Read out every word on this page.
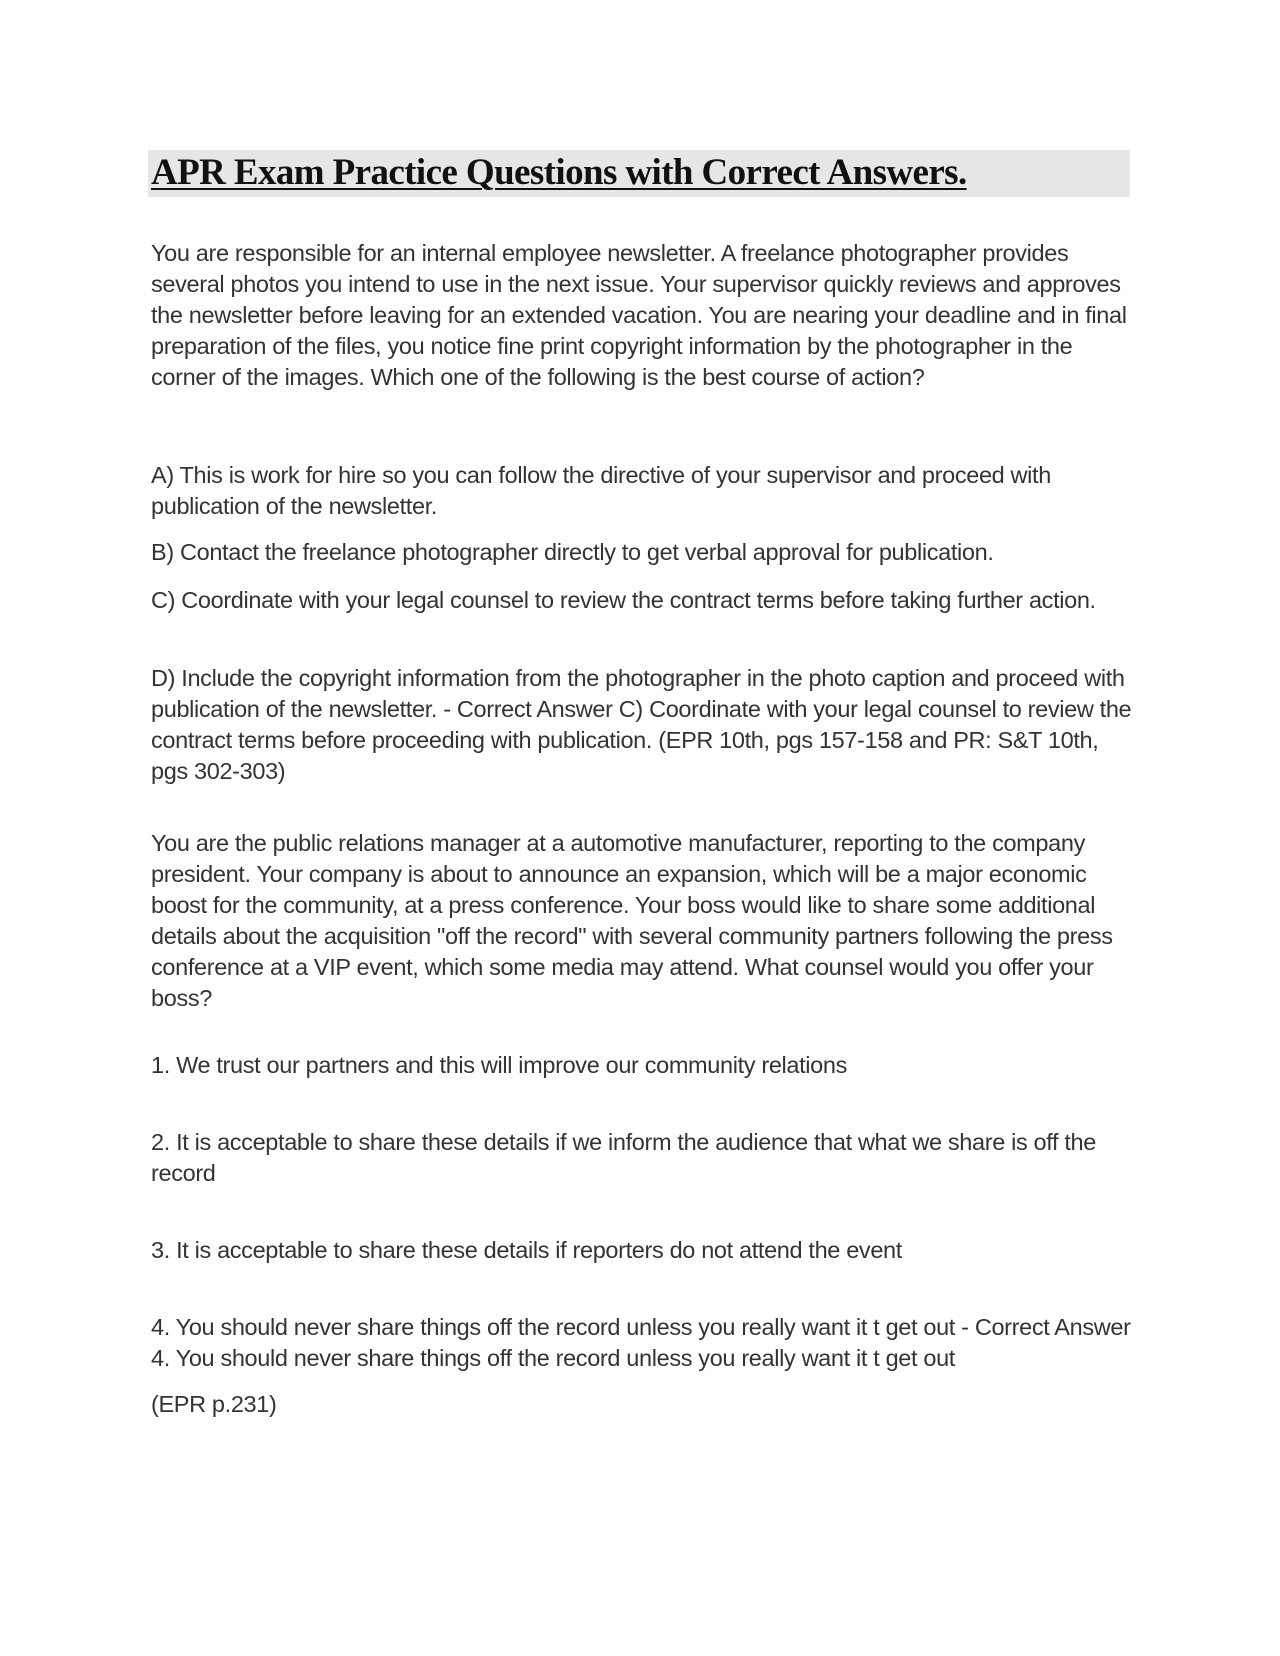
APR Exam Practice Questions with Correct Answers.

You are responsible for an internal employee newsletter. A freelance photographer provides several photos you intend to use in the next issue. Your supervisor quickly reviews and approves the newsletter before leaving for an extended vacation. You are nearing your deadline and in final preparation of the files, you notice fine print copyright information by the photographer in the corner of the images. Which one of the following is the best course of action?

A) This is work for hire so you can follow the directive of your supervisor and proceed with publication of the newsletter.

B) Contact the freelance photographer directly to get verbal approval for publication.

C) Coordinate with your legal counsel to review the contract terms before taking further action.

D) Include the copyright information from the photographer in the photo caption and proceed with publication of the newsletter. - Correct Answer C) Coordinate with your legal counsel to review the contract terms before proceeding with publication. (EPR 10th, pgs 157-158 and PR: S&T 10th, pgs 302-303)

You are the public relations manager at a automotive manufacturer, reporting to the company president. Your company is about to announce an expansion, which will be a major economic boost for the community, at a press conference. Your boss would like to share some additional details about the acquisition "off the record" with several community partners following the press conference at a VIP event, which some media may attend. What counsel would you offer your boss?

1. We trust our partners and this will improve our community relations

2. It is acceptable to share these details if we inform the audience that what we share is off the record

3. It is acceptable to share these details if reporters do not attend the event

4. You should never share things off the record unless you really want it t get out - Correct Answer 4. You should never share things off the record unless you really want it t get out

(EPR p.231)
